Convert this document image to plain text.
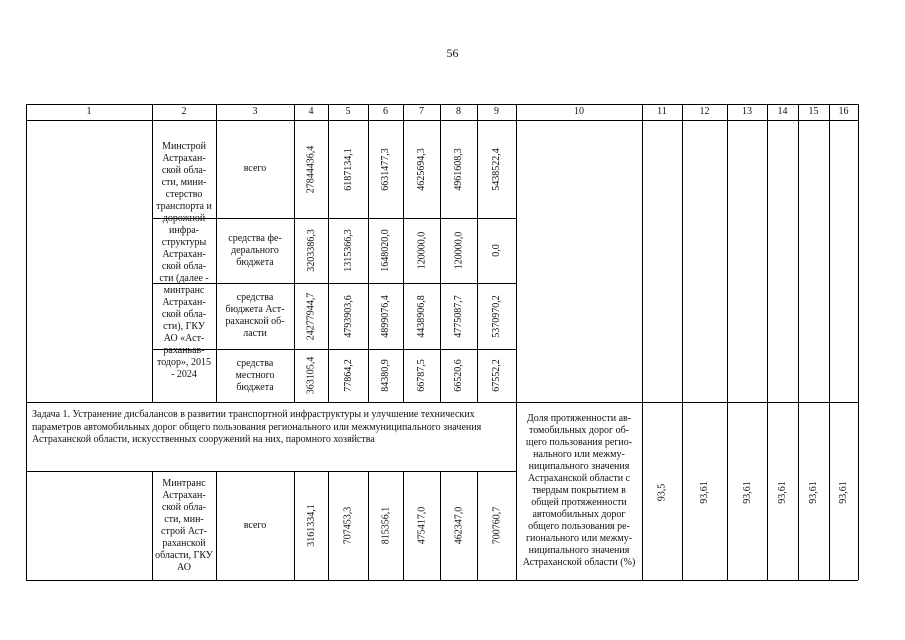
56
1	2	3	4	5	6	7	8	9	10	11	12	13	14	15	16
Минстрой Астрахан-ской обла-сти, мини-стерство транспорта и дорожной инфра-структуры Астрахан-ской обла-сти (далее - минтранс Астрахан-ской обла-сти), ГКУ АО «Аст-раханьав-тодор», 2015 - 2024
всего	27844436,4	6187134,1	6631477,3	4625694,3	4961608,3	5438522,4
средства фе-дерального бюджета	3203386,3	1315366,3	1648020,0	120000,0	120000,0	0,0
средства бюджета Аст-раханской об-ласти	24277944,7	4793903,6	4899076,4	4438906,8	4775087,7	5370970,2
средства местного бюджета	363105,4	77864,2	84380,9	66787,5	66520,6	67552,2
Задача 1. Устранение дисбалансов в развитии транспортной инфраструктуры и улучшение технических параметров автомобильных дорог общего пользования регионального или межмуниципального значения Астраханской области, искусственных сооружений на них, паромного хозяйства
Доля протяженности ав-томобильных дорог об-щего пользования регио-нального или межму-ниципального значения Астраханской области с твердым покрытием в общей протяженности автомобильных дорог общего пользования ре-гионального или межму-ниципального значения Астраханской области (%)
93,5	93,61	93,61 93,61 93,61 93,61
Минтранс Астрахан-ской обла-сти, мин-строй Аст-раханской области, ГКУ АО
всего	3161334,1	707453,3	815356,1	475417,0	462347,0	700760,7
